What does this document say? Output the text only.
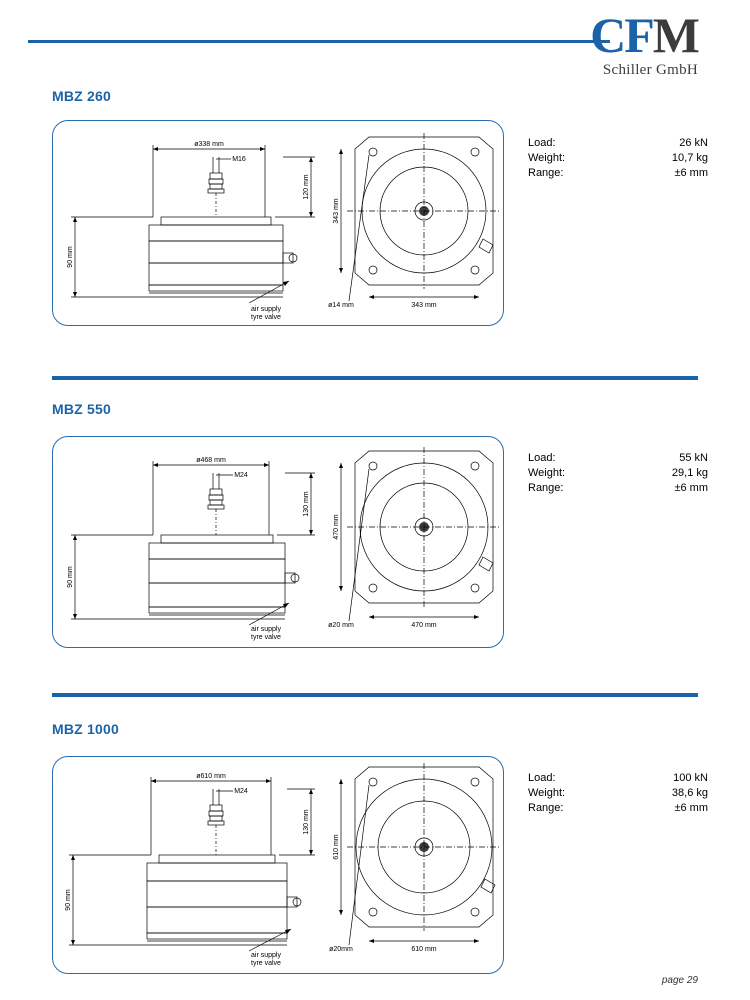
CFM
Schiller GmbH
MBZ 260
ø338 mm
M16
120 mm
90 mm
air supply
tyre valve
343 mm
343 mm
ø14 mm
Load:	26 kN
Weight:	10,7 kg
Range:	±6 mm
MBZ 550
ø468 mm
M24
130 mm
90 mm
air supply
tyre valve
470 mm
470 mm
ø20 mm
Load:	55 kN
Weight:	29,1 kg
Range:	±6 mm
MBZ 1000
ø610 mm
M24
130 mm
90 mm
air supply
tyre valve
610 mm
610 mm
ø20mm
Load:	100 kN
Weight:	38,6 kg
Range:	±6 mm
page 29
